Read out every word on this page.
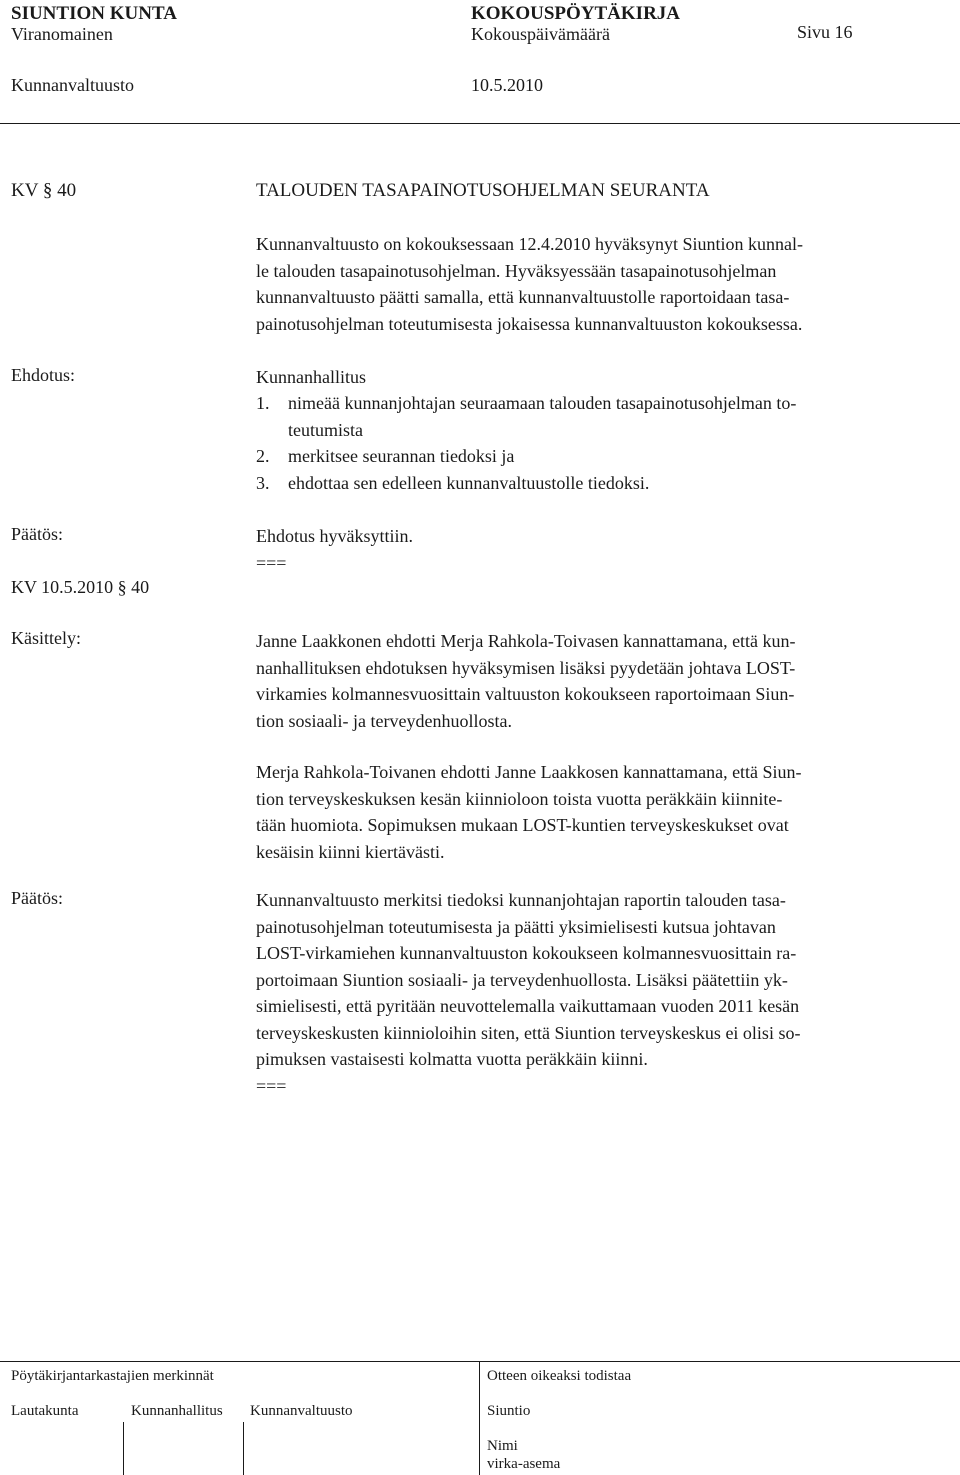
SIUNTION KUNTA	KOKOUSPÖYTÄKIRJA
Viranomainen	Kokouspäivämäärä	Sivu 16
Kunnanvaltuusto	10.5.2010
KV § 40	TALOUDEN TASAPAINOTUSOHJELMAN SEURANTA
Kunnanvaltuusto on kokouksessaan 12.4.2010 hyväksynyt Siuntion kunnal-
le talouden tasapainotusohjelman. Hyväksyessään tasapainotusohjelman
kunnanvaltuusto päätti samalla, että kunnanvaltuustolle raportoidaan tasa-
painotusohjelman toteutumisesta jokaisessa kunnanvaltuuston kokouksessa.
Ehdotus:	Kunnanhallitus
1. nimeää kunnanjohtajan seuraamaan talouden tasapainotusohjelman to-
teutumista
2. merkitsee seurannan tiedoksi ja
3. ehdottaa sen edelleen kunnanvaltuustolle tiedoksi.
Päätös:	Ehdotus hyväksyttiin.
===
KV 10.5.2010 § 40
Käsittely:	Janne Laakkonen ehdotti Merja Rahkola-Toivasen kannattamana, että kun-
nanhallituksen ehdotuksen hyväksymisen lisäksi pyydetään johtava LOST-
virkamies kolmannesvuosittain valtuuston kokoukseen raportoimaan Siun-
tion sosiaali- ja terveydenhuollosta.
Merja Rahkola-Toivanen ehdotti Janne Laakkosen kannattamana, että Siun-
tion terveyskeskuksen kesän kiinnioloon toista vuotta peräkkäin kiinnite-
tään huomiota. Sopimuksen mukaan LOST-kuntien terveyskeskukset ovat
kesäisin kiinni kiertävästi.
Päätös:	Kunnanvaltuusto merkitsi tiedoksi kunnanjohtajan raportin talouden tasa-
painotusohjelman toteutumisesta ja päätti yksimielisesti kutsua johtavan
LOST-virkamiehen kunnanvaltuuston kokoukseen kolmannesvuosittain ra-
portoimaan Siuntion sosiaali- ja terveydenhuollosta. Lisäksi päätettiin yk-
simielisesti, että pyritään neuvottelemalla vaikuttamaan vuoden 2011 kesän
terveyskeskusten kiinnioloihin siten, että Siuntion terveyskeskus ei olisi so-
pimuksen vastaisesti kolmatta vuotta peräkkäin kiinni.
===
Pöytäkirjantarkastajien merkinnät	Otteen oikeaksi todistaa
Lautakunta	Kunnanhallitus Kunnanvaltuusto	Siuntio
Nimi
virka-asema
